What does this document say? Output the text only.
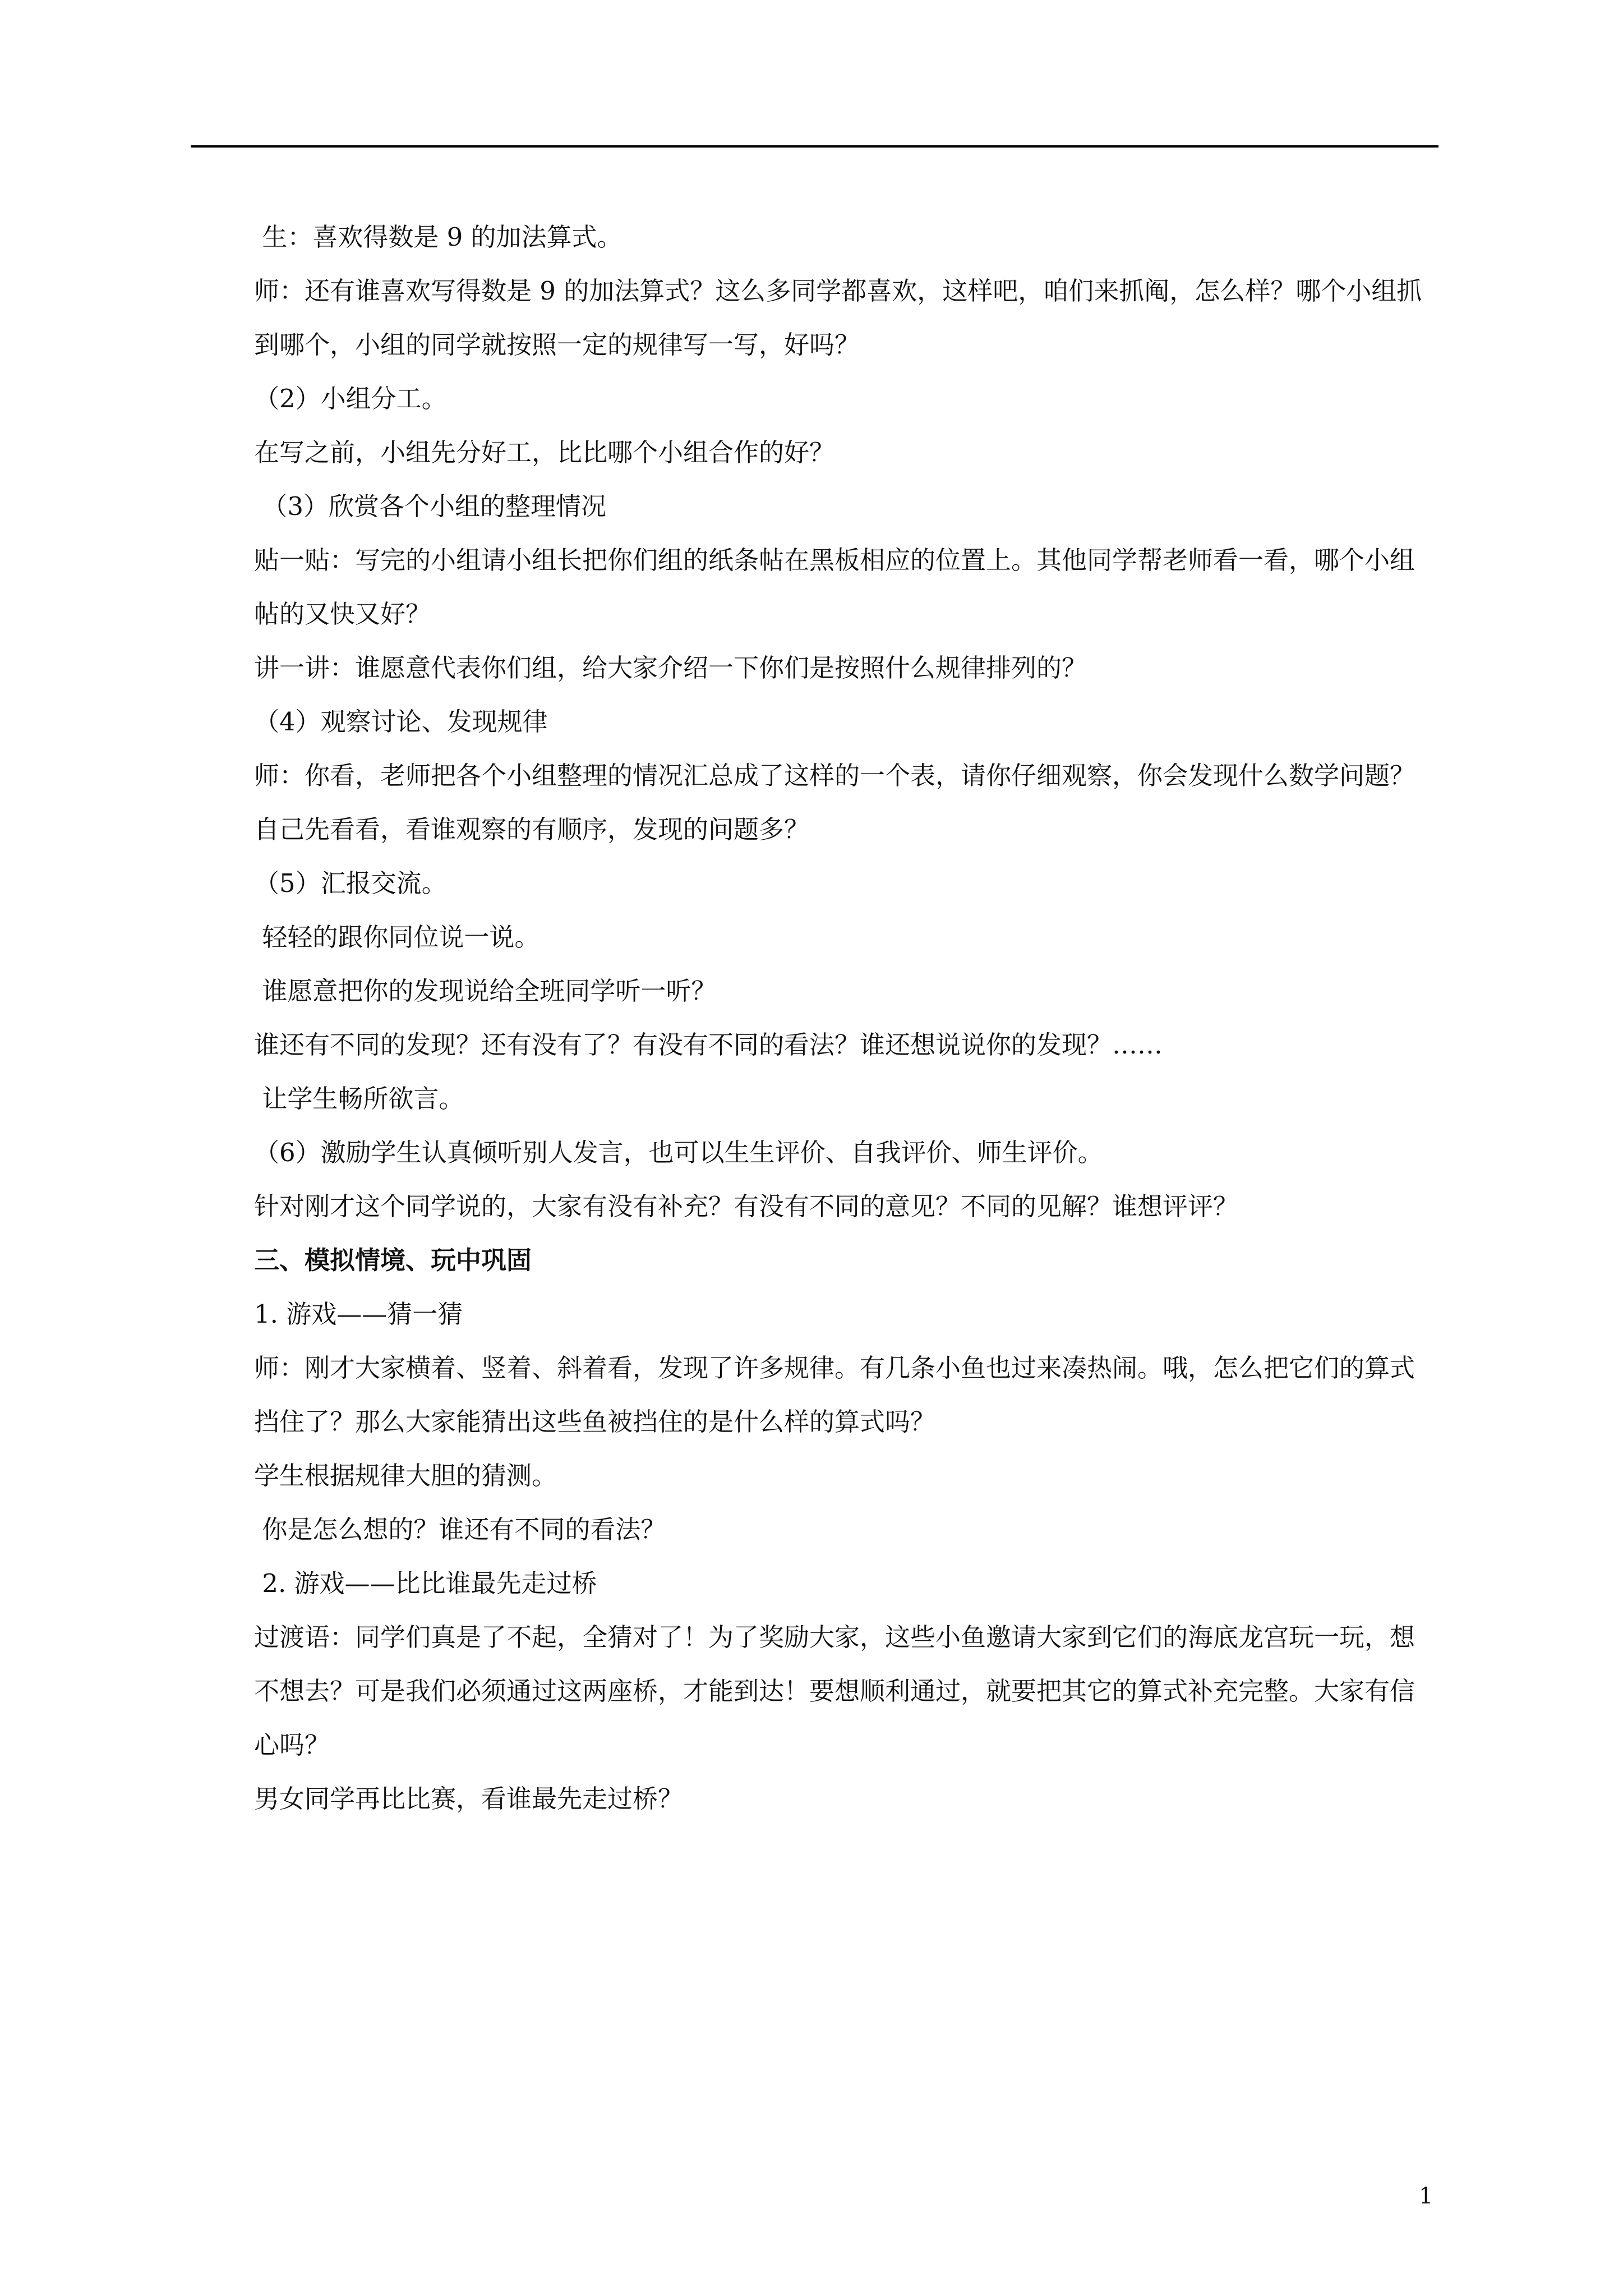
生：喜欢得数是 9 的加法算式。

师：还有谁喜欢写得数是 9 的加法算式？这么多同学都喜欢，这样吧，咱们来抓阄，怎么样？哪个小组抓到哪个，小组的同学就按照一定的规律写一写，好吗？

（2）小组分工。

在写之前，小组先分好工，比比哪个小组合作的好？

（3）欣赏各个小组的整理情况

贴一贴：写完的小组请小组长把你们组的纸条帖在黑板相应的位置上。其他同学帮老师看一看，哪个小组帖的又快又好？

讲一讲：谁愿意代表你们组，给大家介绍一下你们是按照什么规律排列的？

（4）观察讨论、发现规律

师：你看，老师把各个小组整理的情况汇总成了这样的一个表，请你仔细观察，你会发现什么数学问题？自己先看看，看谁观察的有顺序，发现的问题多？

（5）汇报交流。

轻轻的跟你同位说一说。

谁愿意把你的发现说给全班同学听一听？

谁还有不同的发现？还有没有了？有没有不同的看法？谁还想说说你的发现？……

让学生畅所欲言。

（6）激励学生认真倾听别人发言，也可以生生评价、自我评价、师生评价。

针对刚才这个同学说的，大家有没有补充？有没有不同的意见？不同的见解？谁想评评？

三、模拟情境、玩中巩固

1. 游戏——猜一猜

师：刚才大家横着、竖着、斜着看，发现了许多规律。有几条小鱼也过来凑热闹。哦，怎么把它们的算式挡住了？那么大家能猜出这些鱼被挡住的是什么样的算式吗？

学生根据规律大胆的猜测。

你是怎么想的？谁还有不同的看法？

2. 游戏——比比谁最先走过桥

过渡语：同学们真是了不起，全猜对了！为了奖励大家，这些小鱼邀请大家到它们的海底龙宫玩一玩，想不想去？可是我们必须通过这两座桥，才能到达！要想顺利通过，就要把其它的算式补充完整。大家有信心吗？

男女同学再比比赛，看谁最先走过桥？

1
